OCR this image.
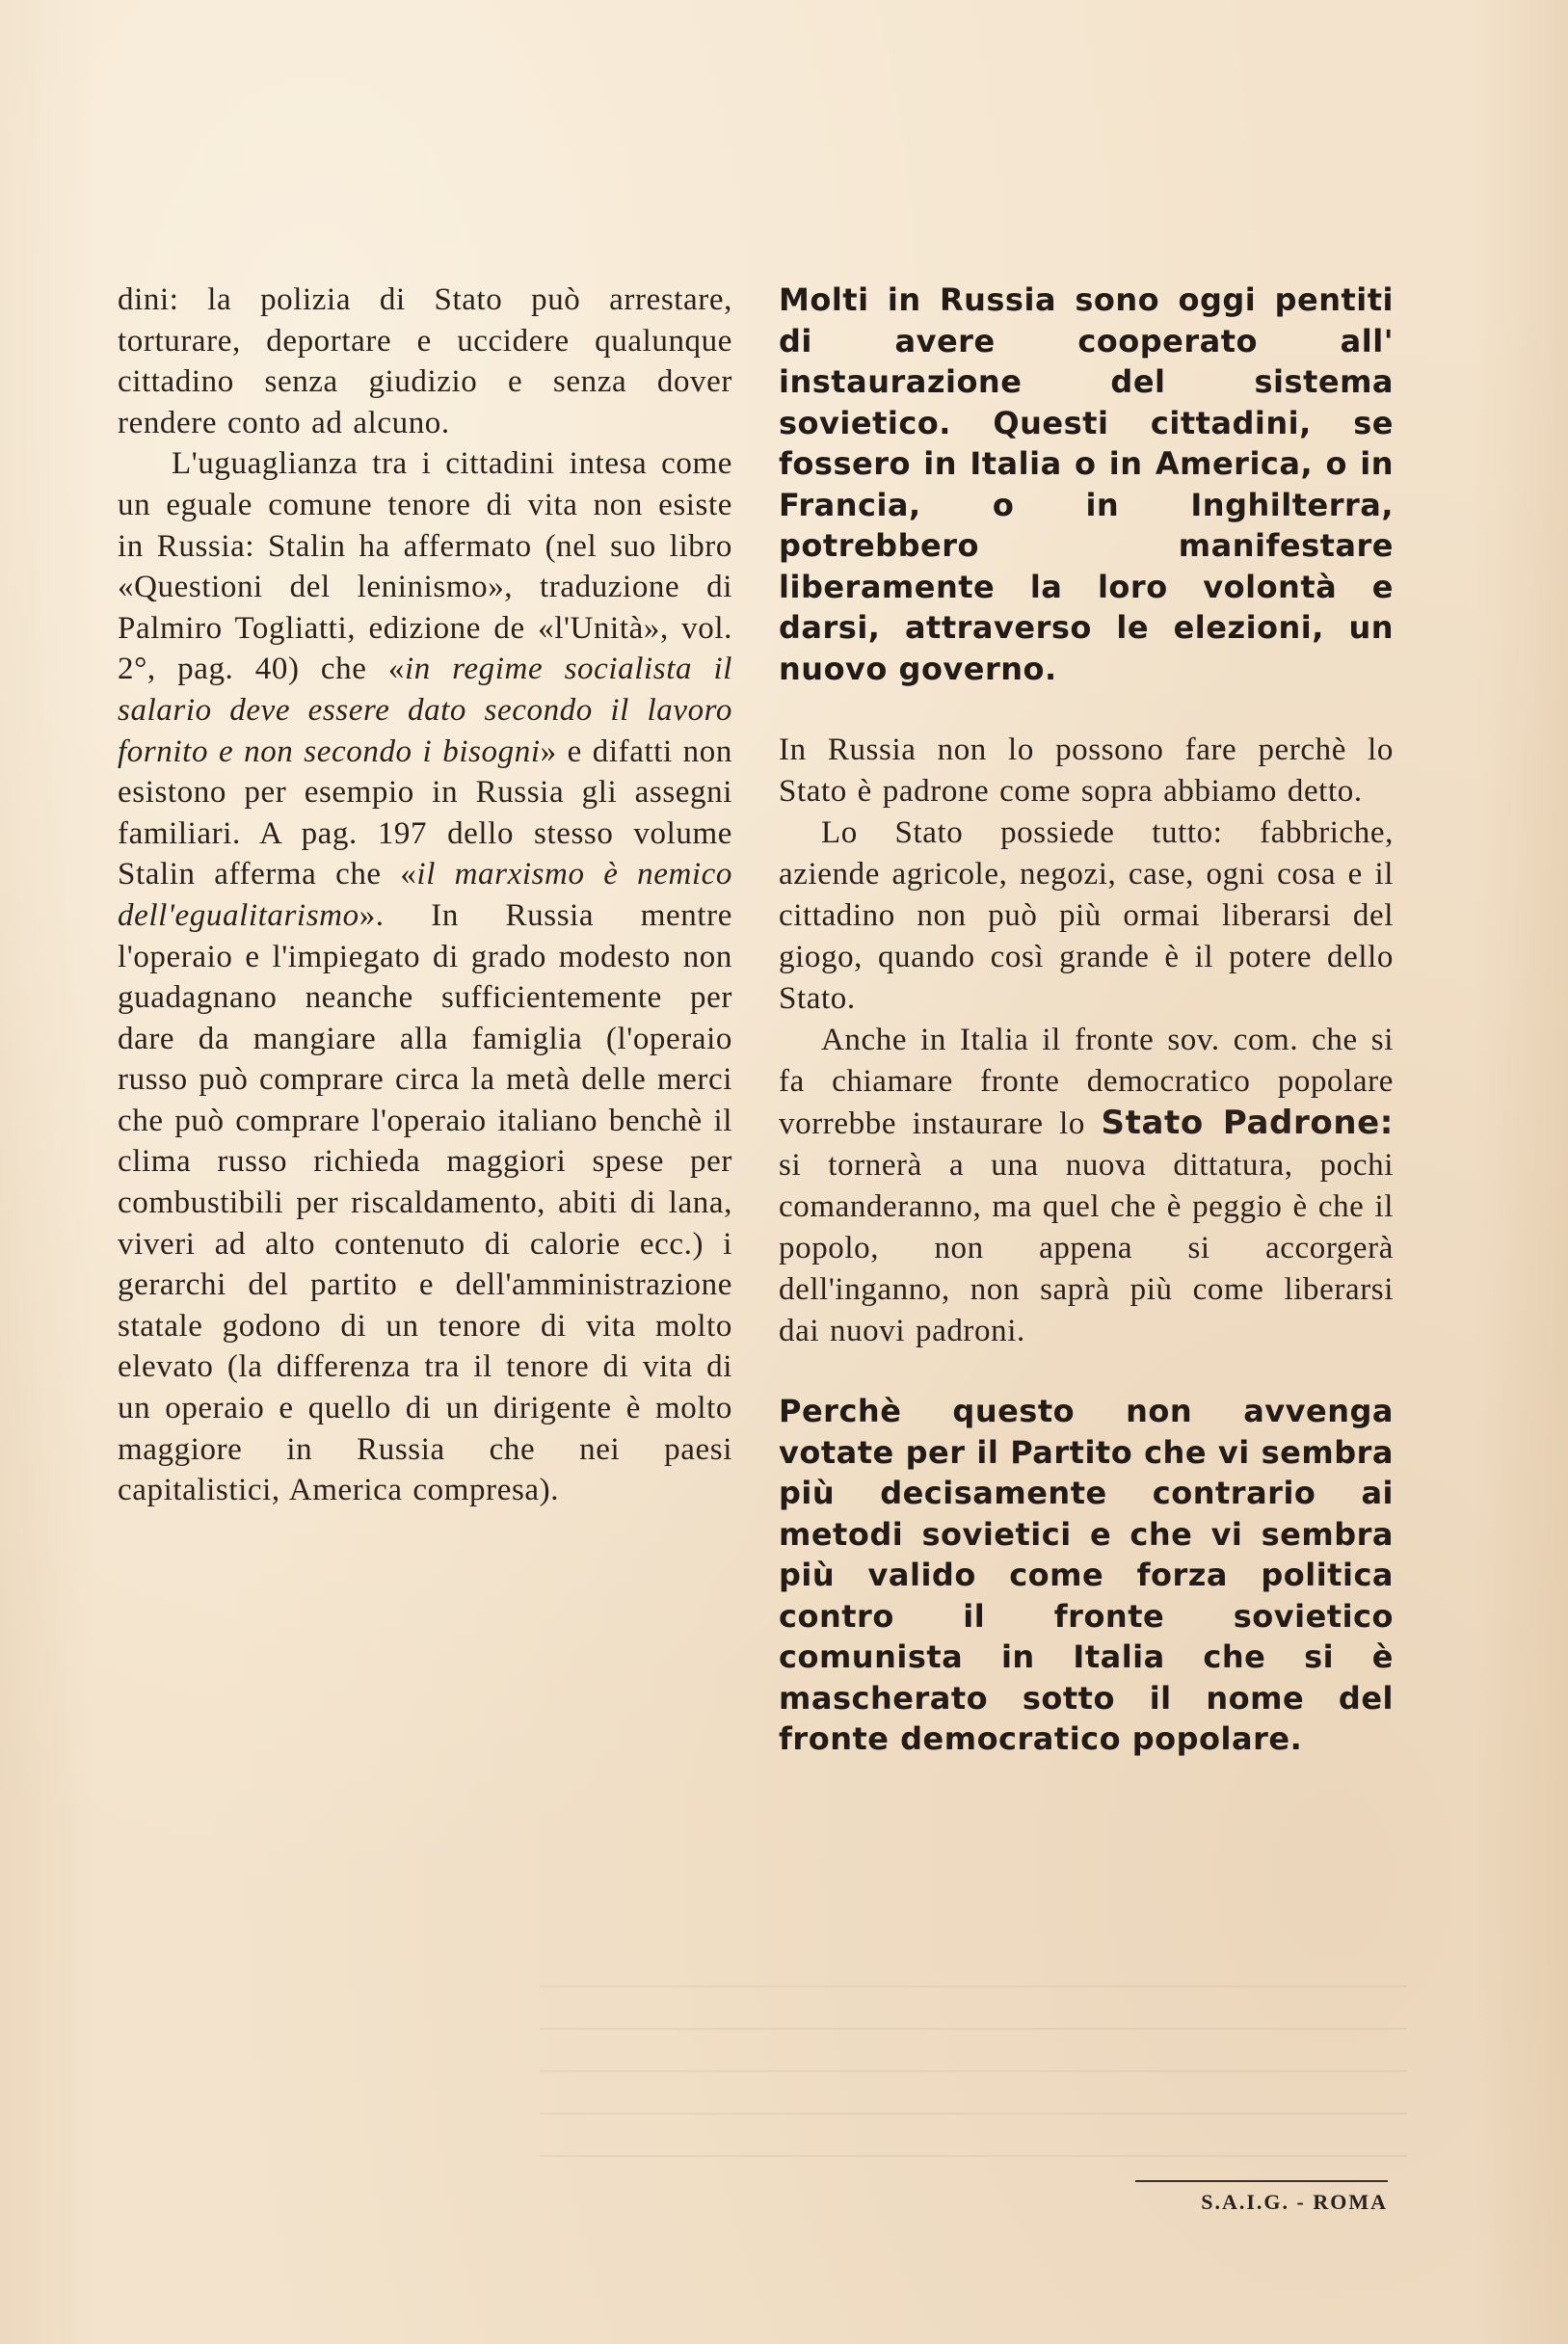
dini: la polizia di Stato può arrestare, torturare, deportare e uccidere qualunque cittadino senza giudizio e senza dover rendere conto ad alcuno.

L'uguaglianza tra i cittadini intesa come un eguale comune tenore di vita non esiste in Russia: Stalin ha affermato (nel suo libro «Questioni del leninismo», traduzione di Palmiro Togliatti, edizione de «l'Unità», vol. 2°, pag. 40) che «in regime socialista il salario deve essere dato secondo il lavoro fornito e non secondo i bisogni» e difatti non esistono per esempio in Russia gli assegni familiari. A pag. 197 dello stesso volume Stalin afferma che «il marxismo è nemico dell'egualitarismo». In Russia mentre l'operaio e l'impiegato di grado modesto non guadagnano neanche sufficientemente per dare da mangiare alla famiglia (l'operaio russo può comprare circa la metà delle merci che può comprare l'operaio italiano benchè il clima russo richieda maggiori spese per combustibili per riscaldamento, abiti di lana, viveri ad alto contenuto di calorie ecc.) i gerarchi del partito e dell'amministrazione statale godono di un tenore di vita molto elevato (la differenza tra il tenore di vita di un operaio e quello di un dirigente è molto maggiore in Russia che nei paesi capitalistici, America compresa).

Molti in Russia sono oggi pentiti di avere cooperato all' instaurazione del sistema sovietico. Questi cittadini, se fossero in Italia o in America, o in Francia, o in Inghilterra, potrebbero manifestare liberamente la loro volontà e darsi, attraverso le elezioni, un nuovo governo.

In Russia non lo possono fare perchè lo Stato è padrone come sopra abbiamo detto.

Lo Stato possiede tutto: fabbriche, aziende agricole, negozi, case, ogni cosa e il cittadino non può più ormai liberarsi del giogo, quando così grande è il potere dello Stato.

Anche in Italia il fronte sov. com. che si fa chiamare fronte democratico popolare vorrebbe instaurare lo Stato Padrone: si tornerà a una nuova dittatura, pochi comanderanno, ma quel che è peggio è che il popolo, non appena si accorgerà dell'inganno, non saprà più come liberarsi dai nuovi padroni.

Perchè questo non avvenga votate per il Partito che vi sembra più decisamente contrario ai metodi sovietici e che vi sembra più valido come forza politica contro il fronte sovietico comunista in Italia che si è mascherato sotto il nome del fronte democratico popolare.

S.A.I.G. - ROMA
